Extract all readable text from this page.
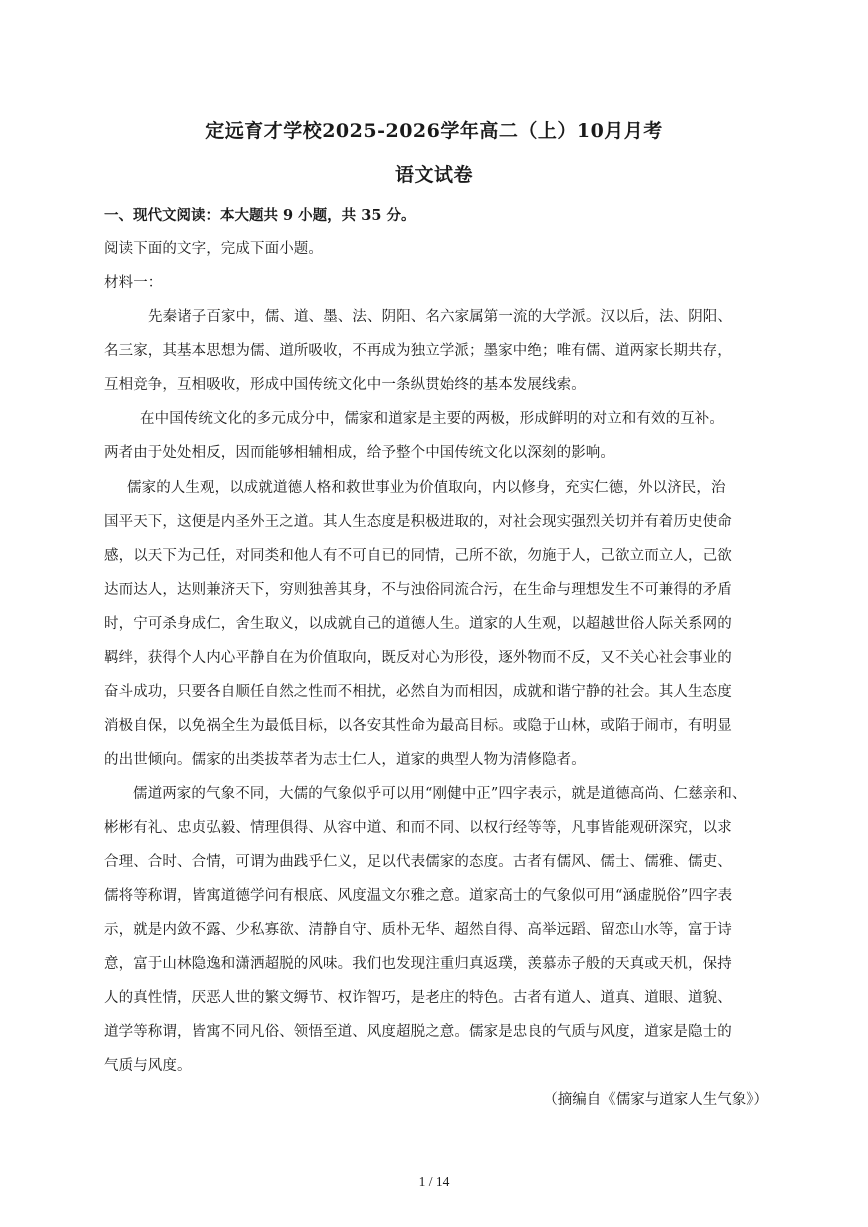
定远育才学校2025-2026学年高二（上）10月月考
语文试卷
一、现代文阅读：本大题共 9 小题，共 35 分。
阅读下面的文字，完成下面小题。
材料一：
先秦诸子百家中，儒、道、墨、法、阴阳、名六家属第一流的大学派。汉以后，法、阴阳、
名三家，其基本思想为儒、道所吸收，不再成为独立学派；墨家中绝；唯有儒、道两家长期共存，
互相竞争，互相吸收，形成中国传统文化中一条纵贯始终的基本发展线索。
在中国传统文化的多元成分中，儒家和道家是主要的两极，形成鲜明的对立和有效的互补。
两者由于处处相反，因而能够相辅相成，给予整个中国传统文化以深刻的影响。
儒家的人生观，以成就道德人格和救世事业为价值取向，内以修身，充实仁德，外以济民，治
国平天下，这便是内圣外王之道。其人生态度是积极进取的，对社会现实强烈关切并有着历史使命
感，以天下为己任，对同类和他人有不可自已的同情，己所不欲，勿施于人，己欲立而立人，己欲
达而达人，达则兼济天下，穷则独善其身，不与浊俗同流合污，在生命与理想发生不可兼得的矛盾
时，宁可杀身成仁，舍生取义，以成就自己的道德人生。道家的人生观，以超越世俗人际关系网的
羁绊，获得个人内心平静自在为价值取向，既反对心为形役，逐外物而不反，又不关心社会事业的
奋斗成功，只要各自顺任自然之性而不相扰，必然自为而相因，成就和谐宁静的社会。其人生态度
消极自保，以免祸全生为最低目标，以各安其性命为最高目标。或隐于山林，或陷于闹市，有明显
的出世倾向。儒家的出类拔萃者为志士仁人，道家的典型人物为清修隐者。
儒道两家的气象不同，大儒的气象似乎可以用“刚健中正”四字表示，就是道德高尚、仁慈亲和、
彬彬有礼、忠贞弘毅、情理俱得、从容中道、和而不同、以权行经等等，凡事皆能观研深究，以求
合理、合时、合情，可谓为曲践乎仁义，足以代表儒家的态度。古者有儒风、儒士、儒雅、儒吏、
儒将等称谓，皆寓道德学问有根底、风度温文尔雅之意。道家高士的气象似可用“涵虚脱俗”四字表
示，就是内敛不露、少私寡欲、清静自守、质朴无华、超然自得、高举远蹈、留恋山水等，富于诗
意，富于山林隐逸和潇洒超脱的风味。我们也发现注重归真返璞，羡慕赤子般的天真或天机，保持
人的真性情，厌恶人世的繁文缛节、权诈智巧，是老庄的特色。古者有道人、道真、道眼、道貌、
道学等称谓，皆寓不同凡俗、领悟至道、风度超脱之意。儒家是忠良的气质与风度，道家是隐士的
气质与风度。
（摘编自《儒家与道家人生气象》）
1 / 14
